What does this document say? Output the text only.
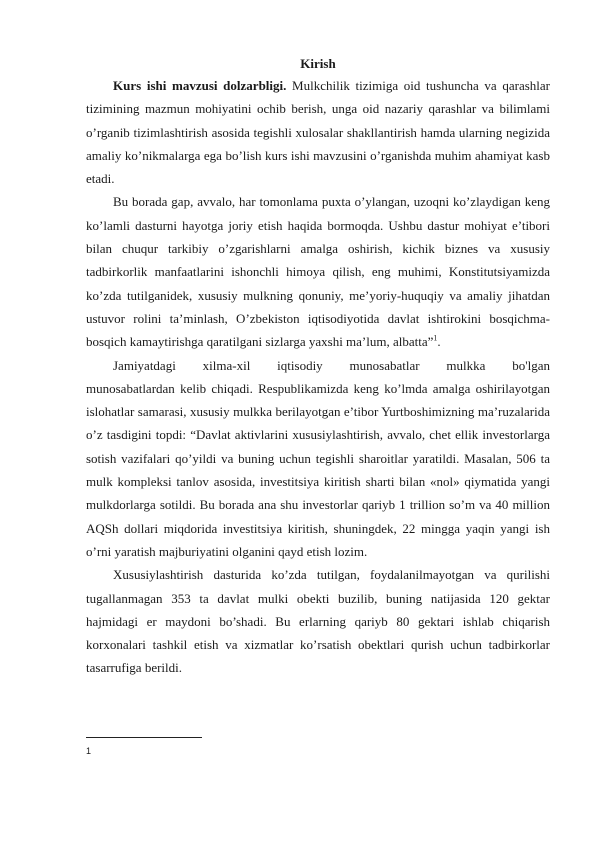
Kirish

Kurs ishi mavzusi dolzarbligi. Mulkchilik tizimiga oid tushuncha va qarashlar tizimining mazmun mohiyatini ochib berish, unga oid nazariy qarashlar va bilimlami o’rganib tizimlashtirish asosida tegishli xulosalar shakllantirish hamda ularning negizida amaliy ko’nikmalarga ega bo’lish kurs ishi mavzusini o’rganishda muhim ahamiyat kasb etadi.

Bu borada gap, avvalo, har tomonlama puxta o’ylangan, uzoqni ko’zlaydigan keng ko’lamli dasturni hayotga joriy etish haqida bormoqda. Ushbu dastur mohiyat e’tibori bilan chuqur tarkibiy o’zgarishlarni amalga oshirish, kichik biznes va xususiy tadbirkorlik manfaatlarini ishonchli himoya qilish, eng muhimi, Konstitutsiyamizda ko’zda tutilganidek, xususiy mulkning qonuniy, me’yoriy-huquqiy va amaliy jihatdan ustuvor rolini ta’minlash, O’zbekiston iqtisodiyotida davlat ishtirokini bosqichma-bosqich kamaytirishga qaratilgani sizlarga yaxshi ma’lum, albatta”$^1$.

Jamiyatdagi xilma-xil iqtisodiy munosabatlar mulkka bo'lgan

munosabatlardan kelib chiqadi. Respublikamizda keng ko’lmda amalga oshirilayotgan islohatlar samarasi, xususiy mulkka berilayotgan e’tibor Yurtboshimizning ma’ruzalarida o’z tasdigini topdi: “Davlat aktivlarini xususiylashtirish, avvalo, chet ellik investorlarga sotish vazifalari qo’yildi va buning uchun tegishli sharoitlar yaratildi. Masalan, 506 ta mulk kompleksi tanlov asosida, investitsiya kiritish sharti bilan «nol» qiymatida yangi mulkdorlarga sotildi. Bu borada ana shu investorlar qariyb 1 trillion so’m va 40 million AQSh dollari miqdorida investitsiya kiritish, shuningdek, 22 mingga yaqin yangi ish o’rni yaratish majburiyatini olganini qayd etish lozim.

Xususiylashtirish dasturida ko’zda tutilgan, foydalanilmayotgan va qurilishi tugallanmagan 353 ta davlat mulki obekti buzilib, buning natijasida 120 gektar hajmidagi er maydoni bo’shadi. Bu erlarning qariyb 80 gektari ishlab chiqarish korxonalari tashkil etish va xizmatlar ko’rsatish obektlari qurish uchun tadbirkorlar tasarrufiga berildi.

1
